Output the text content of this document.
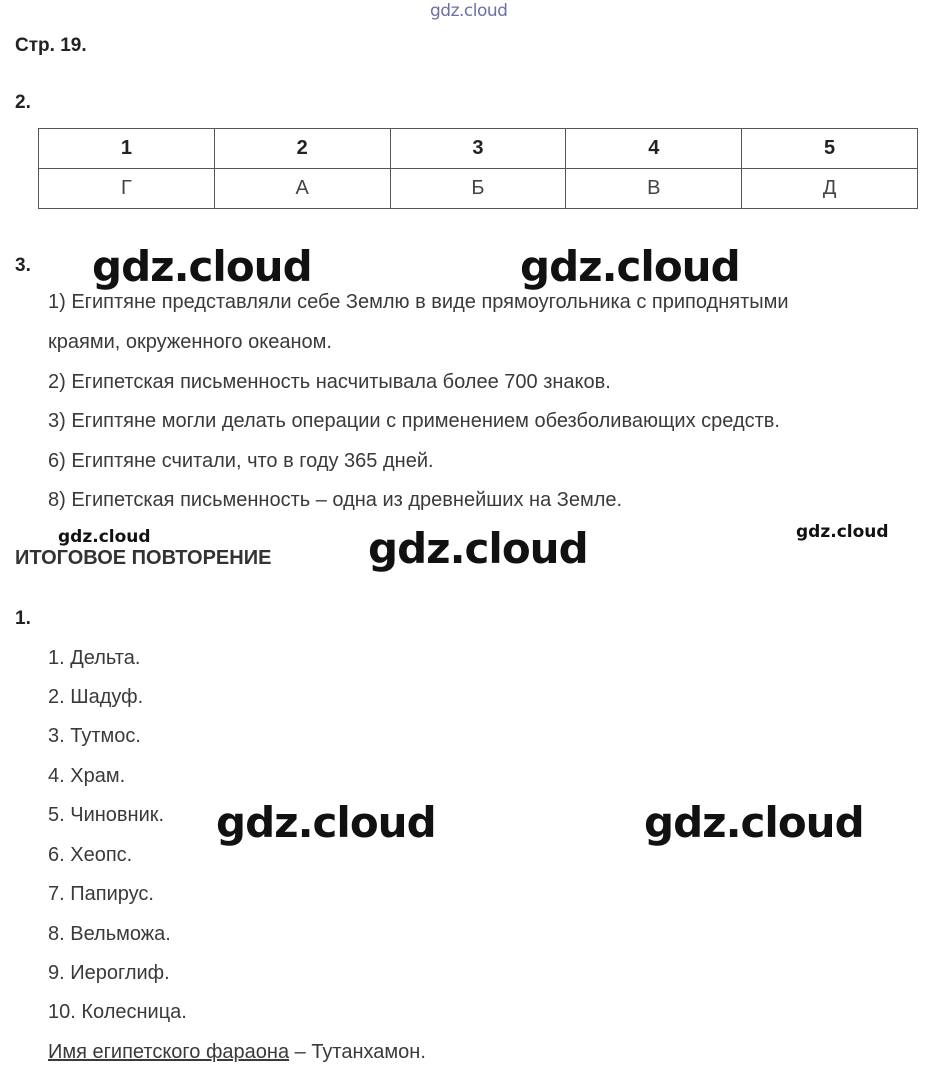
gdz.cloud
Стр. 19.
2.
1	2	3	4	5
Г	А	Б	В	Д
3. gdz.cloud	gdz.cloud
1) Египтяне представляли себе Землю в виде прямоугольника с приподнятыми
краями, окруженного океаном.
2) Египетская письменность насчитывала более 700 знаков.
3) Египтяне могли делать операции с применением обезболивающих средств.
6) Египтяне считали, что в году 365 дней.
8) Египетская письменность – одна из древнейших на Земле.
gdz.cloud	gdz.cloud
ИТОГОВОЕ ПОВТОРЕНИЕ gdz.cloud
1.
1. Дельта.
2. Шадуф.
3. Тутмос.
4. Храм.
5. Чиновник.
6. Хеопс.
7. Папирус.
8. Вельможа.
9. Иероглиф.
10. Колесница.
gdz.cloud	gdz.cloud
Имя египетского фараона – Тутанхамон.
